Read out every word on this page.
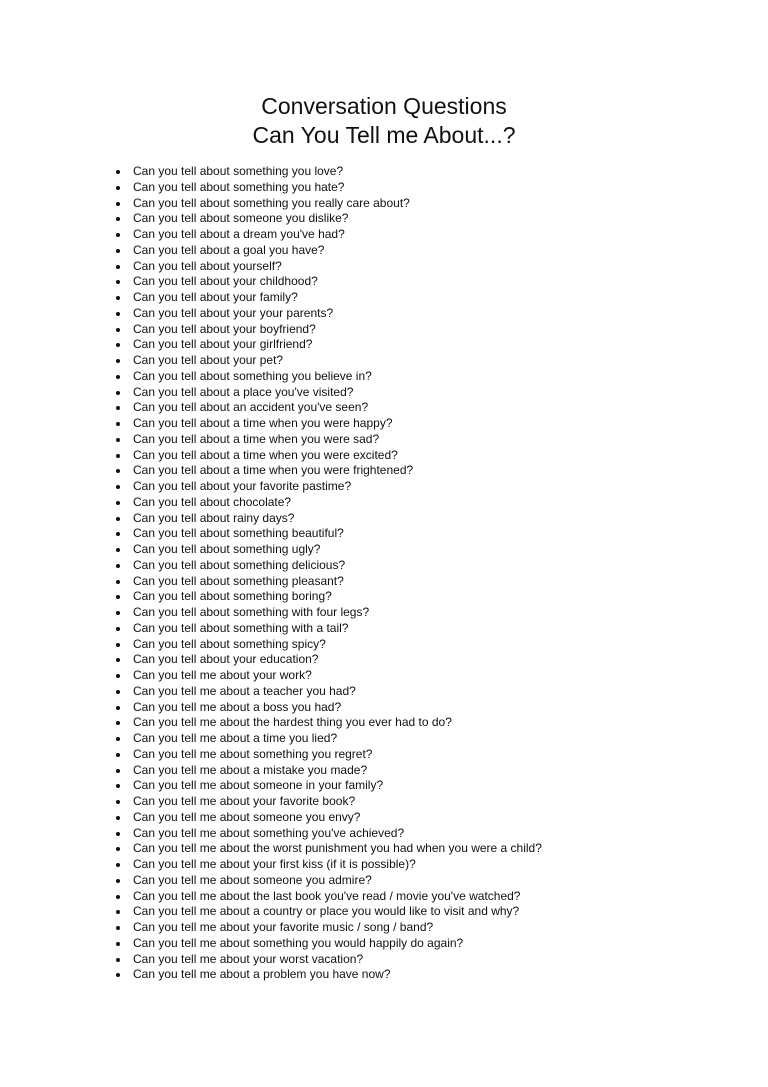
Conversation Questions
Can You Tell me About...?
Can you tell about something you love?
Can you tell about something you hate?
Can you tell about something you really care about?
Can you tell about someone you dislike?
Can you tell about a dream you've had?
Can you tell about a goal you have?
Can you tell about yourself?
Can you tell about your childhood?
Can you tell about your family?
Can you tell about your your parents?
Can you tell about your boyfriend?
Can you tell about your girlfriend?
Can you tell about your pet?
Can you tell about something you believe in?
Can you tell about a place you've visited?
Can you tell about an accident you've seen?
Can you tell about a time when you were happy?
Can you tell about a time when you were sad?
Can you tell about a time when you were excited?
Can you tell about a time when you were frightened?
Can you tell about your favorite pastime?
Can you tell about chocolate?
Can you tell about rainy days?
Can you tell about something beautiful?
Can you tell about something ugly?
Can you tell about something delicious?
Can you tell about something pleasant?
Can you tell about something boring?
Can you tell about something with four legs?
Can you tell about something with a tail?
Can you tell about something spicy?
Can you tell about your education?
Can you tell me about your work?
Can you tell me about a teacher you had?
Can you tell me about a boss you had?
Can you tell me about the hardest thing you ever had to do?
Can you tell me about a time you lied?
Can you tell me about something you regret?
Can you tell me about a mistake you made?
Can you tell me about someone in your family?
Can you tell me about your favorite book?
Can you tell me about someone you envy?
Can you tell me about something you've achieved?
Can you tell me about the worst punishment you had when you were a child?
Can you tell me about your first kiss (if it is possible)?
Can you tell me about someone you admire?
Can you tell me about the last book you've read / movie you've watched?
Can you tell me about a country or place you would like to visit and why?
Can you tell me about your favorite music / song / band?
Can you tell me about something you would happily do again?
Can you tell me about your worst vacation?
Can you tell me about a problem you have now?
